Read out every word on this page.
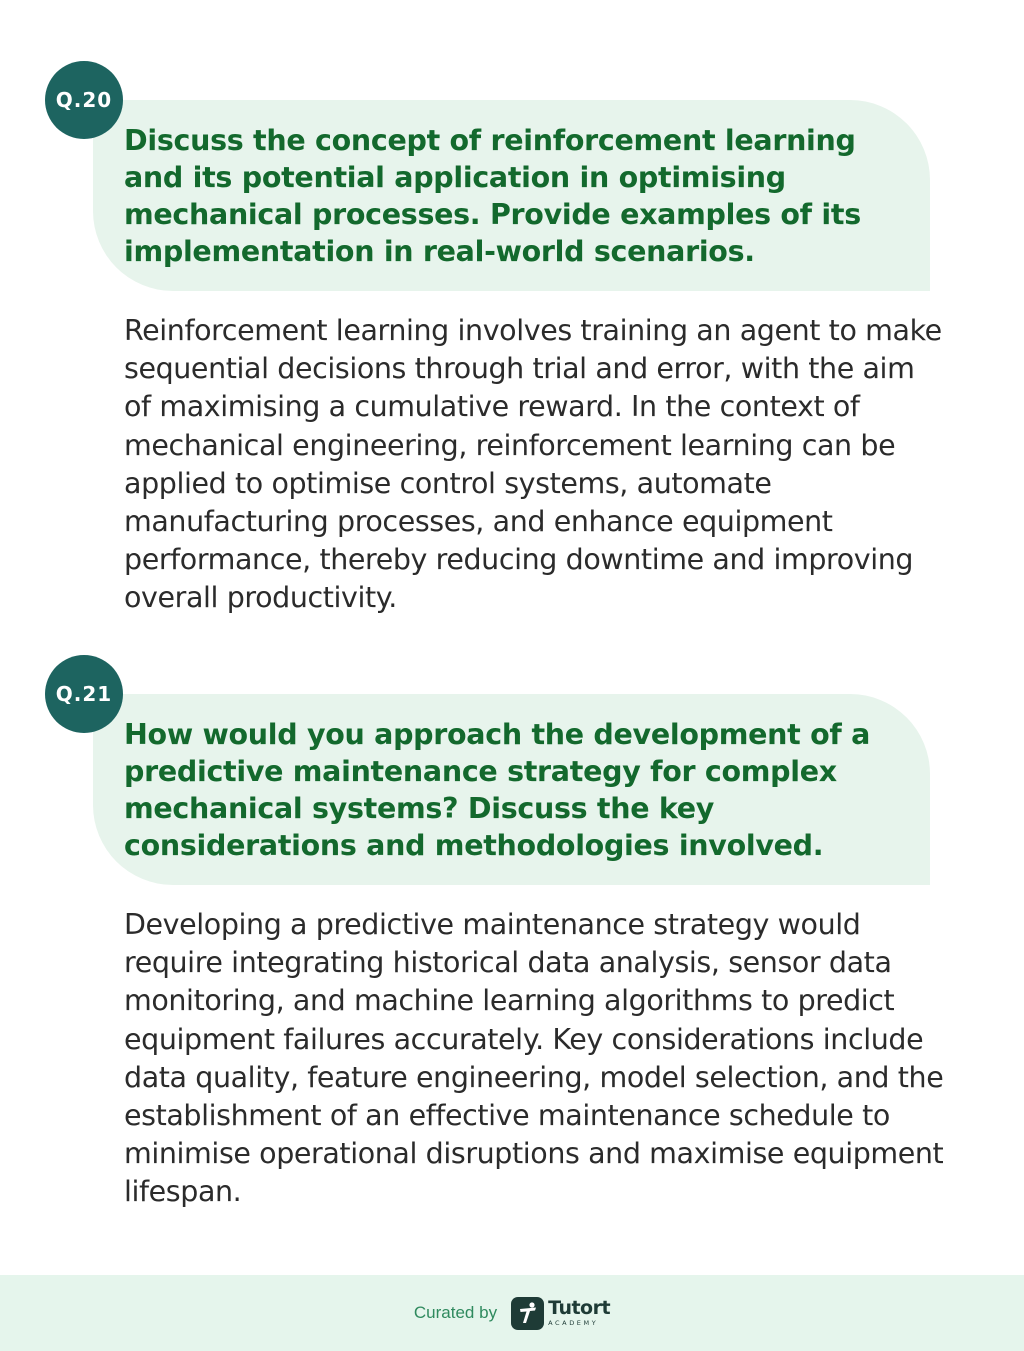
Q.20

Discuss the concept of reinforcement learning and its potential application in optimising mechanical processes. Provide examples of its implementation in real-world scenarios.

Reinforcement learning involves training an agent to make sequential decisions through trial and error, with the aim of maximising a cumulative reward. In the context of mechanical engineering, reinforcement learning can be applied to optimise control systems, automate manufacturing processes, and enhance equipment performance, thereby reducing downtime and improving overall productivity.

Q.21

How would you approach the development of a predictive maintenance strategy for complex mechanical systems? Discuss the key considerations and methodologies involved.

Developing a predictive maintenance strategy would require integrating historical data analysis, sensor data monitoring, and machine learning algorithms to predict equipment failures accurately. Key considerations include data quality, feature engineering, model selection, and the establishment of an effective maintenance schedule to minimise operational disruptions and maximise equipment lifespan.

Curated by	Tutort
ACADEMY
